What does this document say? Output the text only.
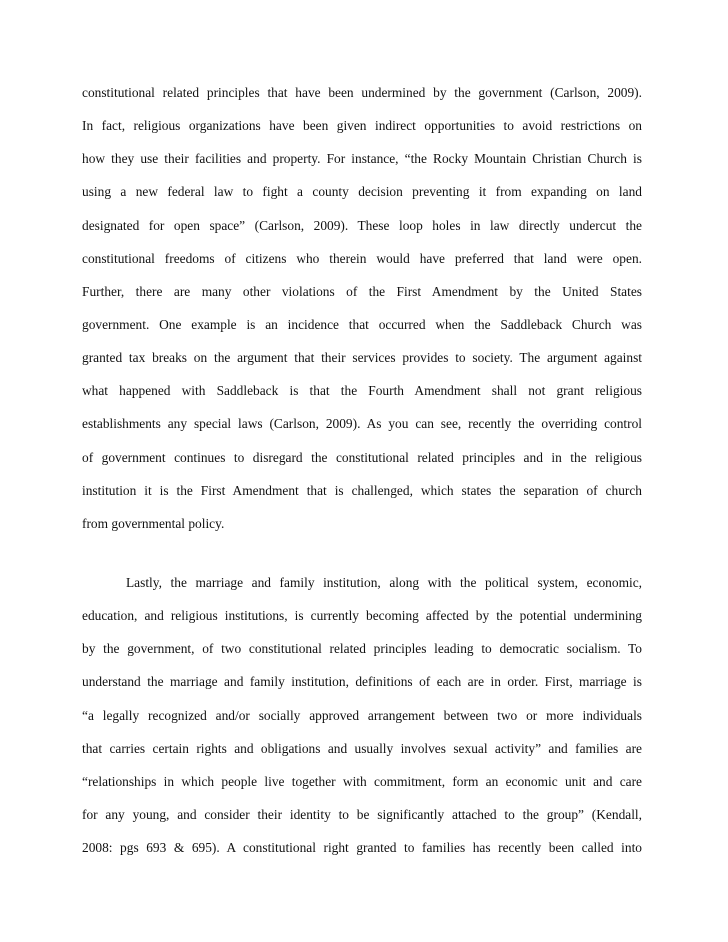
constitutional related principles that have been undermined by the government (Carlson, 2009).
In fact, religious organizations have been given indirect opportunities to avoid restrictions on
how they use their facilities and property. For instance, “the Rocky Mountain Christian Church is
using a new federal law to fight a county decision preventing it from expanding on land
designated for open space” (Carlson, 2009). These loop holes in law directly undercut the
constitutional freedoms of citizens who therein would have preferred that land were open.
Further, there are many other violations of the First Amendment by the United States
government. One example is an incidence that occurred when the Saddleback Church was
granted tax breaks on the argument that their services provides to society. The argument against
what happened with Saddleback is that the Fourth Amendment shall not grant religious
establishments any special laws (Carlson, 2009). As you can see, recently the overriding control
of government continues to disregard the constitutional related principles and in the religious
institution it is the First Amendment that is challenged, which states the separation of church
from governmental policy.
Lastly, the marriage and family institution, along with the political system, economic,
education, and religious institutions, is currently becoming affected by the potential undermining
by the government, of two constitutional related principles leading to democratic socialism. To
understand the marriage and family institution, definitions of each are in order. First, marriage is
“a legally recognized and/or socially approved arrangement between two or more individuals
that carries certain rights and obligations and usually involves sexual activity” and families are
“relationships in which people live together with commitment, form an economic unit and care
for any young, and consider their identity to be significantly attached to the group” (Kendall,
2008: pgs 693 & 695). A constitutional right granted to families has recently been called into
